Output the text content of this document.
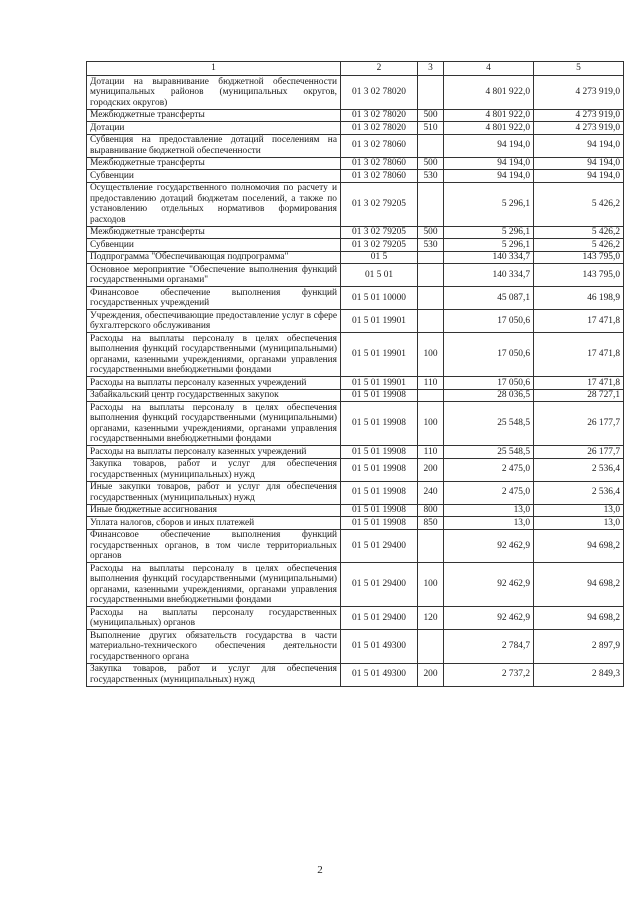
1	2	3	4	5
Дотации на выравнивание бюджетной обеспеченности муниципальных районов (муниципальных округов, городских округов)	01 3 02 78020		4 801 922,0	4 273 919,0
Межбюджетные трансферты	01 3 02 78020	500	4 801 922,0	4 273 919,0
Дотации	01 3 02 78020	510	4 801 922,0	4 273 919,0
Субвенция на предоставление дотаций поселениям на выравнивание бюджетной обеспеченности	01 3 02 78060		94 194,0	94 194,0
Межбюджетные трансферты	01 3 02 78060	500	94 194,0	94 194,0
Субвенции	01 3 02 78060	530	94 194,0	94 194,0
Осуществление государственного полномочия по расчету и предоставлению дотаций бюджетам поселений, а также по установлению отдельных нормативов формирования расходов	01 3 02 79205		5 296,1	5 426,2
Межбюджетные трансферты	01 3 02 79205	500	5 296,1	5 426,2
Субвенции	01 3 02 79205	530	5 296,1	5 426,2
Подпрограмма "Обеспечивающая подпрограмма"	01 5		140 334,7	143 795,0
Основное мероприятие "Обеспечение выполнения функций государственными органами"	01 5 01		140 334,7	143 795,0
Финансовое обеспечение выполнения функций государственных учреждений	01 5 01 10000		45 087,1	46 198,9
Учреждения, обеспечивающие предоставление услуг в сфере бухгалтерского обслуживания	01 5 01 19901		17 050,6	17 471,8
Расходы на выплаты персоналу в целях обеспечения выполнения функций государственными (муниципальными) органами, казенными учреждениями, органами управления государственными внебюджетными фондами	01 5 01 19901	100	17 050,6	17 471,8
Расходы на выплаты персоналу казенных учреждений	01 5 01 19901	110	17 050,6	17 471,8
Забайкальский центр государственных закупок	01 5 01 19908		28 036,5	28 727,1
Расходы на выплаты персоналу в целях обеспечения выполнения функций государственными (муниципальными) органами, казенными учреждениями, органами управления государственными внебюджетными фондами	01 5 01 19908	100	25 548,5	26 177,7
Расходы на выплаты персоналу казенных учреждений	01 5 01 19908	110	25 548,5	26 177,7
Закупка товаров, работ и услуг для обеспечения государственных (муниципальных) нужд	01 5 01 19908	200	2 475,0	2 536,4
Иные закупки товаров, работ и услуг для обеспечения государственных (муниципальных) нужд	01 5 01 19908	240	2 475,0	2 536,4
Иные бюджетные ассигнования	01 5 01 19908	800	13,0	13,0
Уплата налогов, сборов и иных платежей	01 5 01 19908	850	13,0	13,0
Финансовое обеспечение выполнения функций государственных органов, в том числе территориальных органов	01 5 01 29400		92 462,9	94 698,2
Расходы на выплаты персоналу в целях обеспечения выполнения функций государственными (муниципальными) органами, казенными учреждениями, органами управления государственными внебюджетными фондами	01 5 01 29400	100	92 462,9	94 698,2
Расходы на выплаты персоналу государственных (муниципальных) органов	01 5 01 29400	120	92 462,9	94 698,2
Выполнение других обязательств государства в части материально-технического обеспечения деятельности государственного органа	01 5 01 49300		2 784,7	2 897,9
Закупка товаров, работ и услуг для обеспечения государственных (муниципальных) нужд	01 5 01 49300	200	2 737,2	2 849,3
2
